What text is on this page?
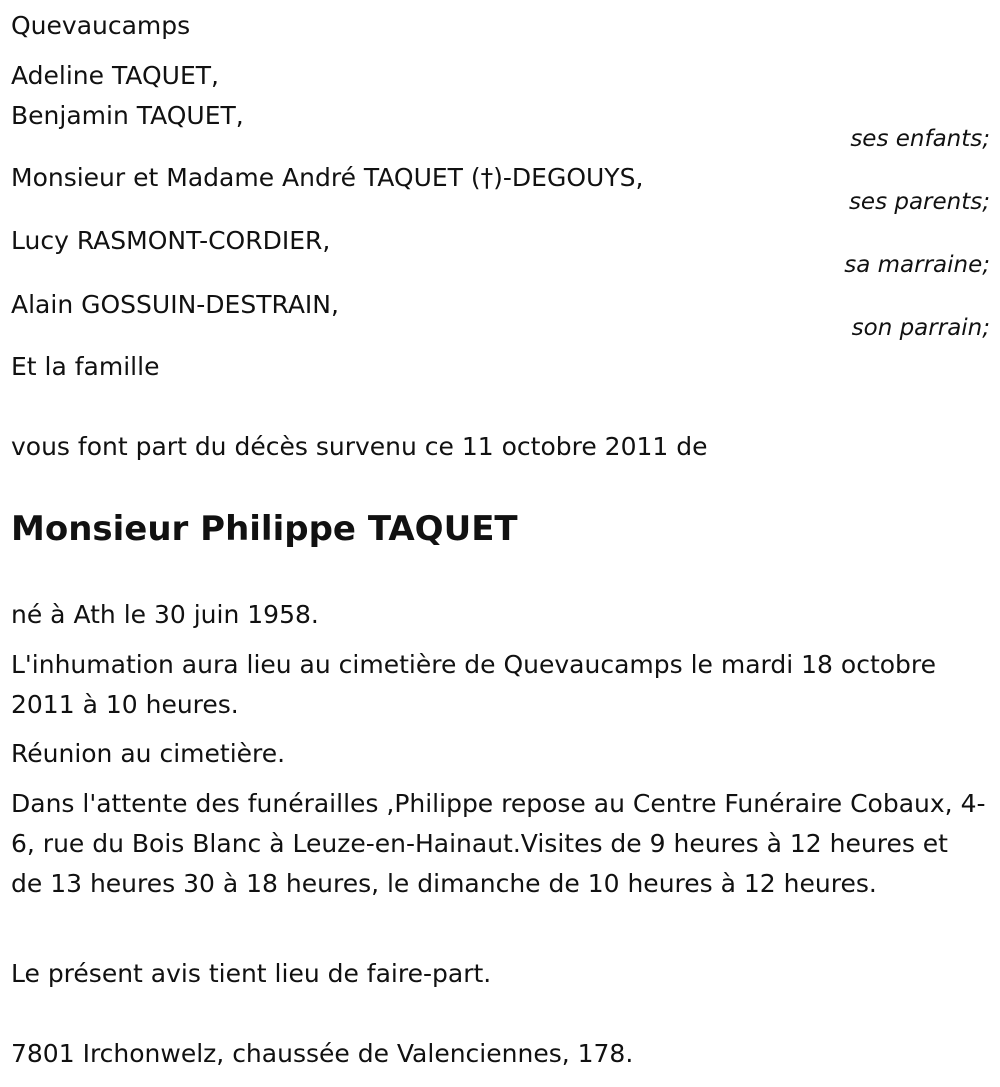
Quevaucamps

Adeline TAQUET,

Benjamin TAQUET,

ses enfants;

Monsieur et Madame André TAQUET (†)-DEGOUYS,

ses parents;

Lucy RASMONT-CORDIER,

sa marraine;

Alain GOSSUIN-DESTRAIN,

son parrain;

Et la famille

vous font part du décès survenu ce 11 octobre 2011 de

Monsieur Philippe TAQUET

né à Ath le 30 juin 1958.

L'inhumation aura lieu au cimetière de Quevaucamps le mardi 18 octobre 2011 à 10 heures.

Réunion au cimetière.

Dans l'attente des funérailles ,Philippe repose au Centre Funéraire Cobaux, 4-6, rue du Bois Blanc à Leuze-en-Hainaut.Visites de 9 heures à 12 heures et de 13 heures 30 à 18 heures, le dimanche de 10 heures à 12 heures.

Le présent avis tient lieu de faire-part.

7801 Irchonwelz, chaussée de Valenciennes, 178.
